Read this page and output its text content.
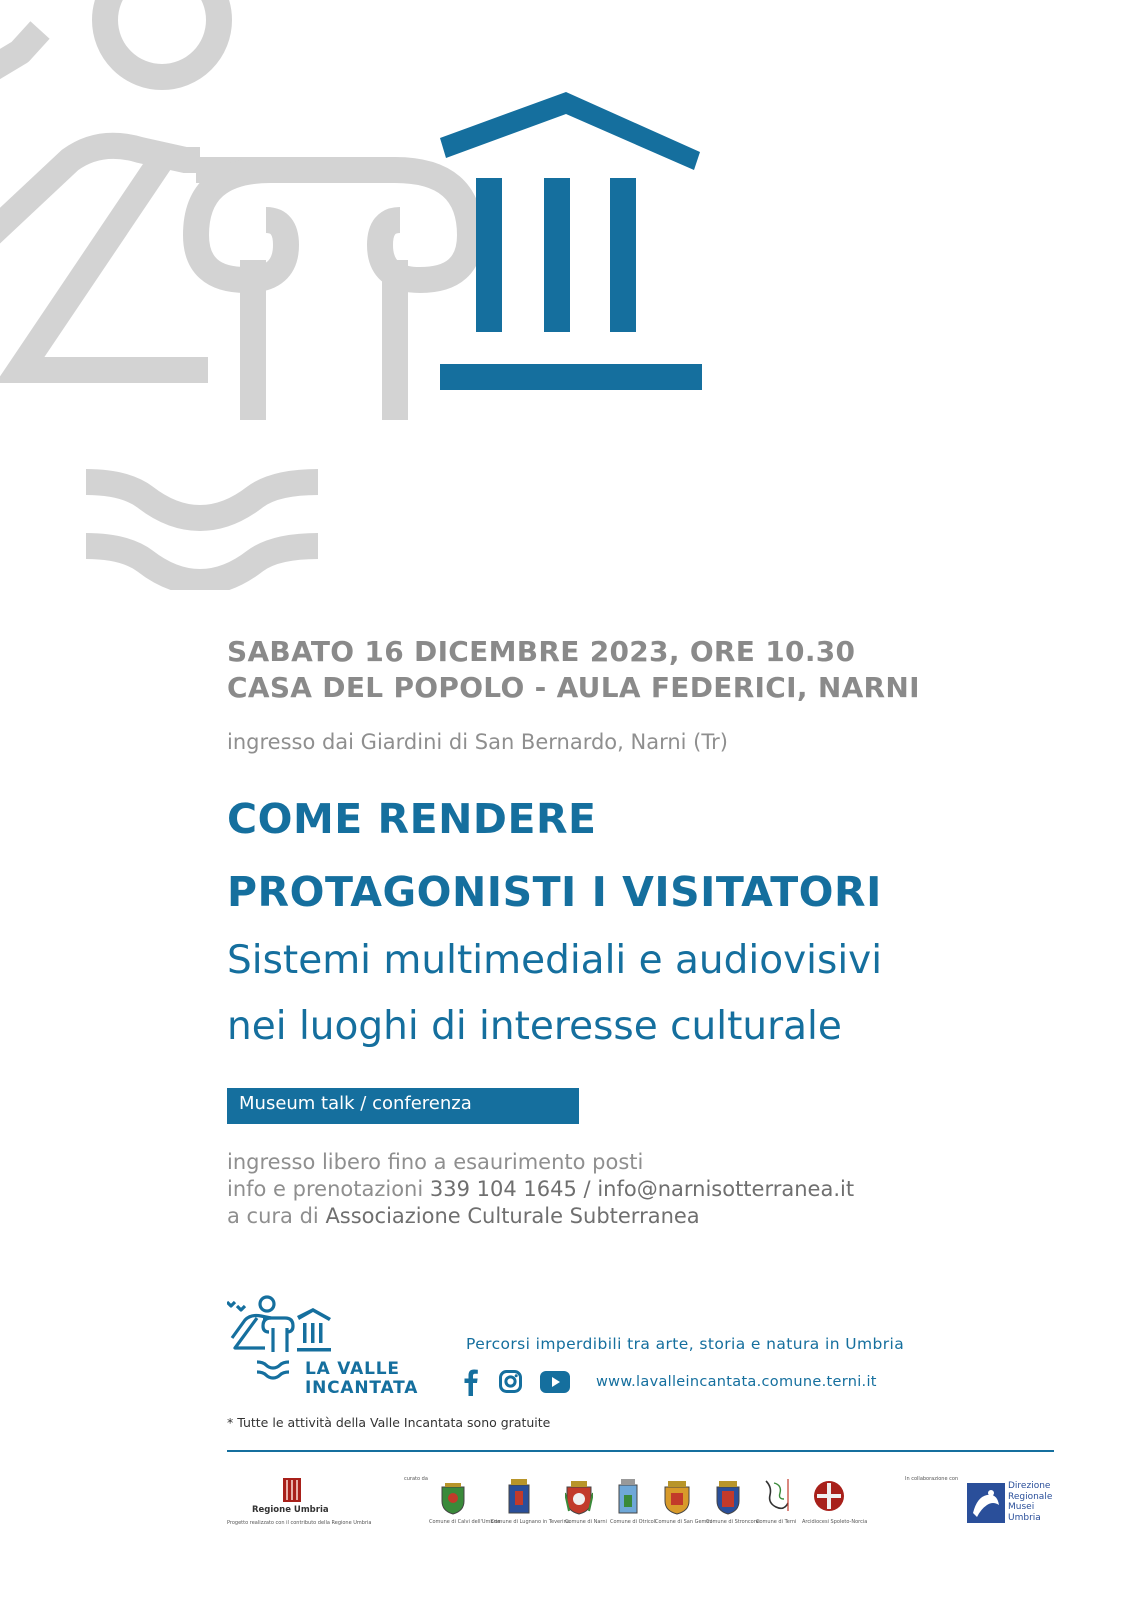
SABATO 16 DICEMBRE 2023, ORE 10.30
CASA DEL POPOLO - AULA FEDERICI, NARNI
ingresso dai Giardini di San Bernardo, Narni (Tr)
COME RENDERE
PROTAGONISTI I VISITATORI
Sistemi multimediali e audiovisivi
nei luoghi di interesse culturale
Museum talk / conferenza
ingresso libero fino a esaurimento posti
info e prenotazioni 339 104 1645 / info@narnisotterranea.it
a cura di Associazione Culturale Subterranea
LA VALLE
INCANTATA
Percorsi imperdibili tra arte, storia e natura in Umbria
www.lavalleincantata.comune.terni.it
* Tutte le attività della Valle Incantata sono gratuite
Regione Umbria
Progetto realizzato con il contributo della Regione Umbria
curato da
Comune di Calvi dell'Umbria
Comune di Lugnano in Teverina
Comune di Narni Comune di Otricoli
Comune di San Gemini
Comune di Stroncone
Comune di Terni Arcidiocesi Spoleto-Norcia
In collaborazione con
Direzione
Regionale
Musei
Umbria
